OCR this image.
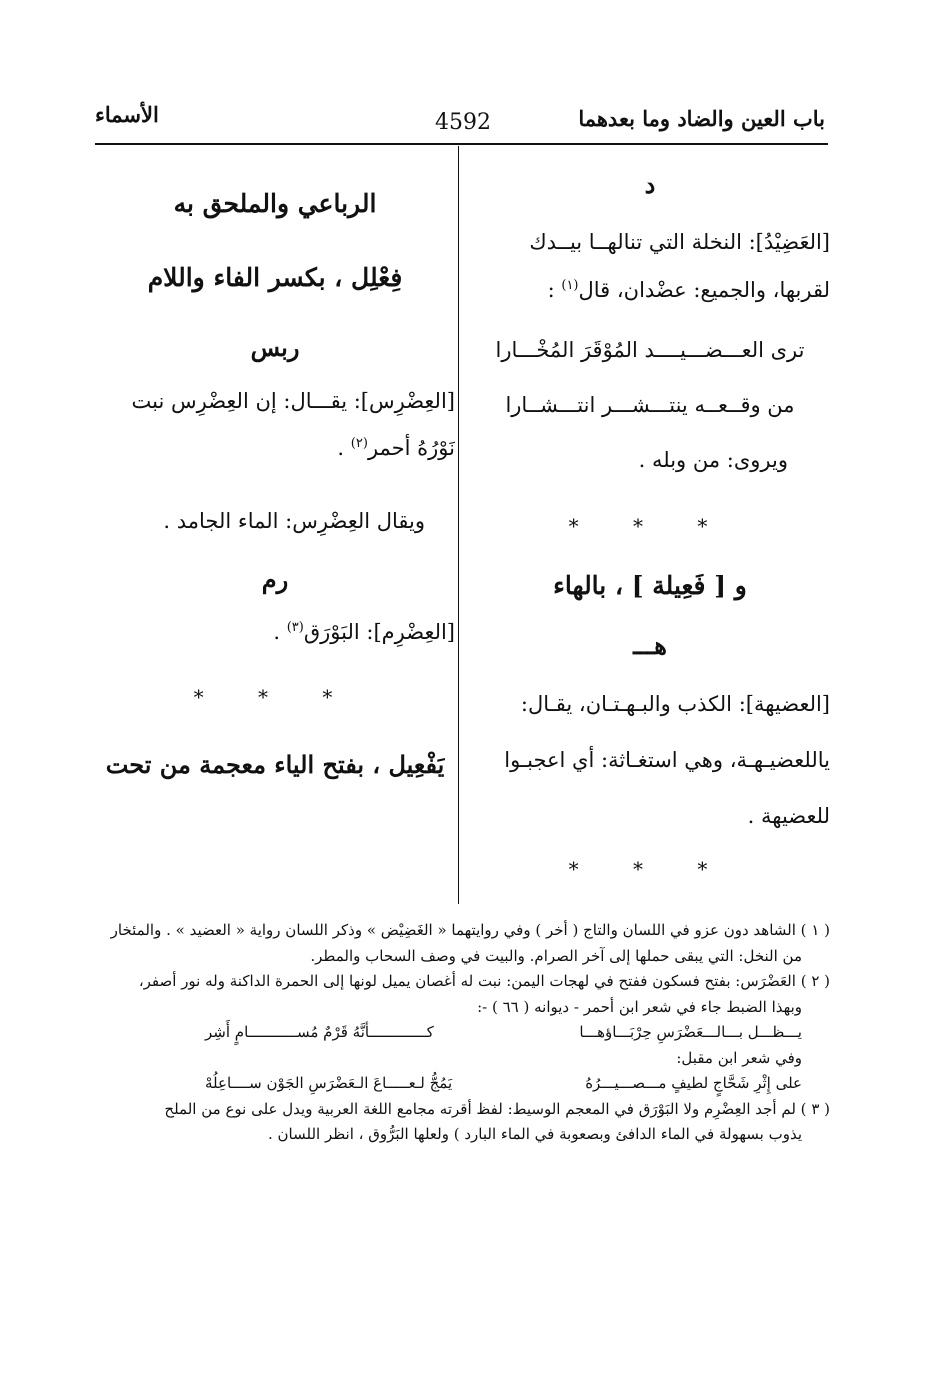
باب العين والضاد وما بعدهما
4592
الأسماء
د
[العَضِيْدُ]: النخلة التي تنالهــا بيــدك
لقربها، والجميع: عضْدان، قال$^{(١)}$ :
ترى العـــضـــيــــد المُوْقَرَ المُخْـــارا
من وقــعــه ينتـــشـــر انتـــشــارا
ويروى: من وبله .
* * *
و [ فَعِيلة ] ، بالهاء
هـــ
[العضيهة]: الكذب والبـهـتـان، يقـال:
ياللعضيـهـة، وهي استغـاثة: أي اعجبـوا
للعضيهة .
* * *
الرباعي والملحق به
فِعْلِل ، بكسر الفاء واللام
ربس
[العِضْرِس]: يقـــال: إن العِضْرِس نبت
نَوْرُهُ أحمر$^{(٢)}$ .
ويقال العِضْرِس: الماء الجامد .
رم
[العِضْرِم]: البَوْرَق$^{(٣)}$ .
* * *
يَفْعِيل ، بفتح الياء معجمة من تحت
( ١ ) الشاهد دون عزو في اللسان والتاج ( أخر ) وفي روايتهما « الغَضِيْض » وذكر اللسان رواية « العضيد » . والمئخار
من النخل: التي يبقى حملها إلى آخر الصرام. والبيت في وصف السحاب والمطر.
( ٢ ) العَضْرَس: بفتح فسكون ففتح في لهجات اليمن: نبت له أغصان يميل لونها إلى الحمرة الداكنة وله نور أصفر،
وبهذا الضبط جاء في شعر ابن أحمر - ديوانه ( ٦٦ ) -:
يـــظـــل بـــالـــعَضْرَسِ حِرْبَـــاؤهـــا
كـــــــــــــأنَّهُ قَرْمٌ مُســـــــــــامٍ أَشِر
وفي شعر ابن مقبل:
على إِثْرِ شَحَّاجٍ لطيفٍ مـــصـــيـــرُهُ
يَمُجُّ لـعـــــاعَ الـعَضْرَسِ الجَوْن ســــاعِلُهْ
( ٣ ) لم أجد العِضْرِم ولا البَوْرَق في المعجم الوسيط: لفظ أقرته مجامع اللغة العربية ويدل على نوع من الملح
يذوب بسهولة في الماء الدافئ وبصعوبة في الماء البارد ) ولعلها البَرُّوق ، انظر اللسان .
